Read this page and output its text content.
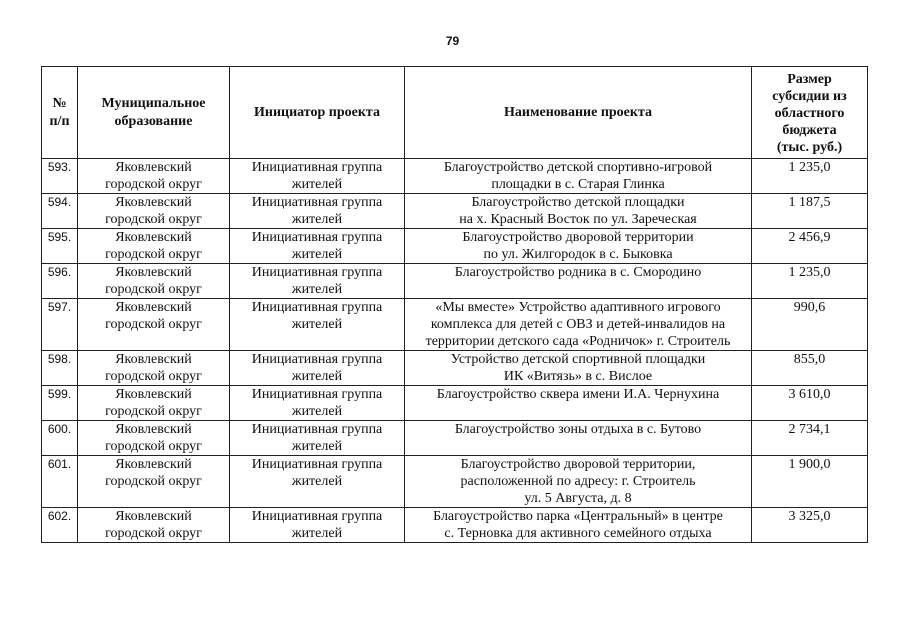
79
№
п/п	Муниципальное
образование	Инициатор проекта	Наименование проекта	Размер
субсидии из
областного
бюджета
(тыс. руб.)

593.	Яковлевский
городской округ	Инициативная группа
жителей	Благоустройство детской спортивно-игровой
площадки в с. Старая Глинка	1 235,0

594.	Яковлевский
городской округ	Инициативная группа
жителей	Благоустройство детской площадки
на х. Красный Восток по ул. Зареческая	1 187,5

595.	Яковлевский
городской округ	Инициативная группа
жителей	Благоустройство дворовой территории
по ул. Жилгородок в с. Быковка	2 456,9

596.	Яковлевский
городской округ	Инициативная группа
жителей	Благоустройство родника в с. Смородино	1 235,0

597.	Яковлевский
городской округ	Инициативная группа
жителей	«Мы вместе» Устройство адаптивного игрового
комплекса для детей с ОВЗ и детей-инвалидов на
территории детского сада «Родничок» г. Строитель	990,6

598.	Яковлевский
городской округ	Инициативная группа
жителей	Устройство детской спортивной площадки
ИК «Витязь» в с. Вислое	855,0

599.	Яковлевский
городской округ	Инициативная группа
жителей	Благоустройство сквера имени И.А. Чернухина	3 610,0

600.	Яковлевский
городской округ	Инициативная группа
жителей	Благоустройство зоны отдыха в с. Бутово	2 734,1

601.	Яковлевский
городской округ	Инициативная группа
жителей	Благоустройство дворовой территории,
расположенной по адресу: г. Строитель
ул. 5 Августа, д. 8	1 900,0

602.	Яковлевский
городской округ	Инициативная группа
жителей	Благоустройство парка «Центральный» в центре
с. Терновка для активного семейного отдыха	3 325,0
